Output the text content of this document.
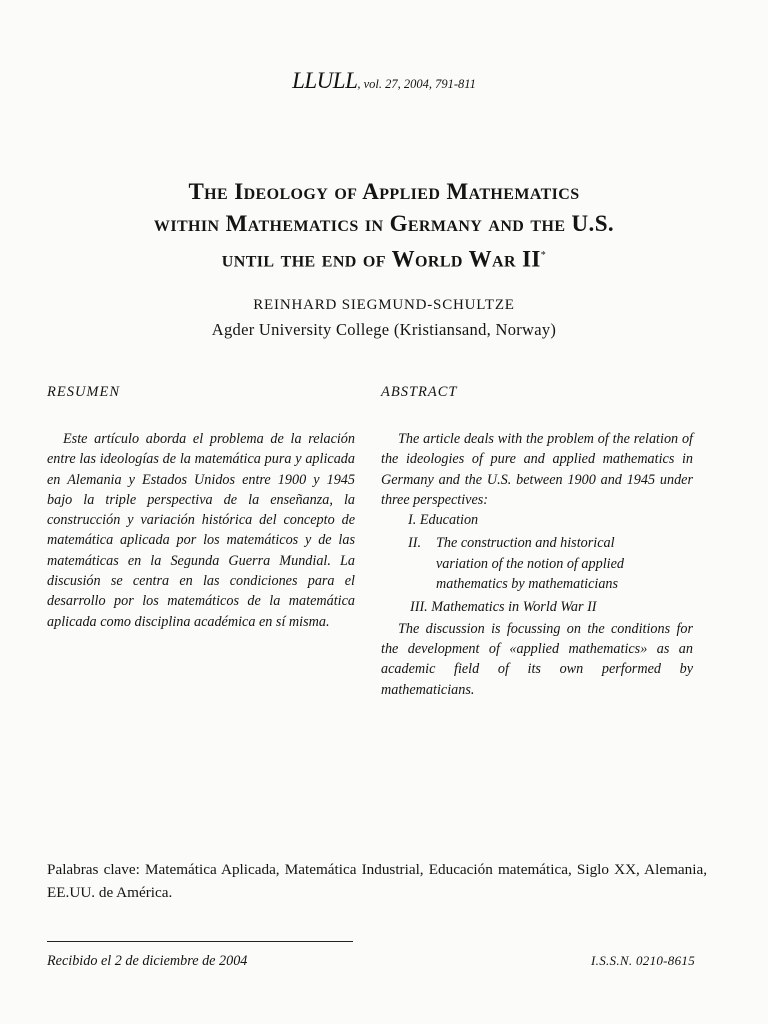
LLULL, vol. 27, 2004, 791-811
The Ideology of Applied Mathematics
within Mathematics in Germany and the U.S.
until the end of World War II*
REINHARD SIEGMUND-SCHULTZE
Agder University College (Kristiansand, Norway)
RESUMEN	ABSTRACT

Este artículo aborda el problema de la relación entre las ideologías de la matemática pura y aplicada en Alemania y Estados Unidos entre 1900 y 1945 bajo la triple perspectiva de la enseñanza, la construcción y variación histórica del concepto de matemática aplicada por los matemáticos y de las matemáticas en la Segunda Guerra Mundial. La discusión se centra en las condiciones para el desarrollo por los matemáticos de la matemática aplicada como disciplina académica en sí misma.

The article deals with the problem of the relation of the ideologies of pure and applied mathematics in Germany and the U.S. between 1900 and 1945 under three perspectives:

I. Education
II. The construction and historical
variation of the notion of applied mathematics by mathematicians
III. Mathematics in World War II

The discussion is focussing on the conditions for the development of «applied mathematics» as an academic field of its own performed by mathematicians.

Palabras clave: Matemática Aplicada, Matemática Industrial, Educación matemática, Siglo XX, Alemania, EE.UU. de América.
Recibido el 2 de diciembre de 2004	I.S.S.N. 0210-8615
